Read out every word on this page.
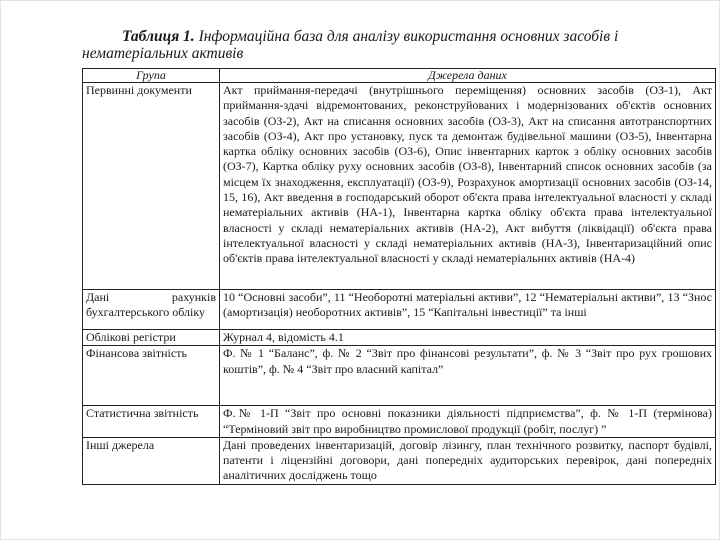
Таблиця 1. Інформаційна база для аналізу використання основних засобів і
нематеріальних активів
Група	Джерела даних
Первинні документи	Акт приймання-передачі (внутрішнього переміщення) основних засобів (ОЗ-1), Акт приймання-здачі відремонтованих, реконструйованих і модернізованих об'єктів основних засобів (ОЗ-2), Акт на списання основних засобів (ОЗ-3), Акт на списання автотранспортних засобів (ОЗ-4), Акт про установку, пуск та демонтаж будівельної машини (ОЗ-5), Інвентарна картка обліку основних засобів (ОЗ-6), Опис інвентарних карток з обліку основних засобів (ОЗ-7), Картка обліку руху основних засобів (ОЗ-8), Інвентарний список основних засобів (за місцем їх знаходження, експлуатації) (ОЗ-9), Розрахунок амортизації основних засобів (ОЗ-14, 15, 16), Акт введення в господарський оборот об'єкта права інтелектуальної власності у складі нематеріальних активів (НА-1), Інвентарна картка обліку об'єкта права інтелектуальної власності у складі нематеріальних активів (НА-2), Акт вибуття (ліквідації) об'єкта права інтелектуальної власності у складі нематеріальних активів (НА-3), Інвентаризаційний опис об'єктів права інтелектуальної власності у складі нематеріальних активів (НА-4)
Дані рахунків бухгалтерського обліку	10 “Основні засоби”, 11 “Необоротні матеріальні активи”, 12 “Нематеріальні активи”, 13 “Знос (амортизація) необоротних активів”, 15 “Капітальні інвестиції” та інші
Облікові регістри	Журнал 4, відомість 4.1
Фінансова звітність	Ф. № 1 “Баланс”, ф. № 2 “Звіт про фінансові результати”, ф. № 3 “Звіт про рух грошових коштів”, ф. № 4 “Звіт про власний капітал”
Статистична звітність	Ф.№ 1-П “Звіт про основні показники діяльності підприємства”, ф. № 1-П (термінова) “Терміновий звіт про виробництво промислової продукції (робіт, послуг) ”
Інші джерела	Дані проведених інвентаризацій, договір лізингу, план технічного розвитку, паспорт будівлі, патенти і ліцензійні договори, дані попередніх аудиторських перевірок, дані попередніх аналітичних досліджень тощо
